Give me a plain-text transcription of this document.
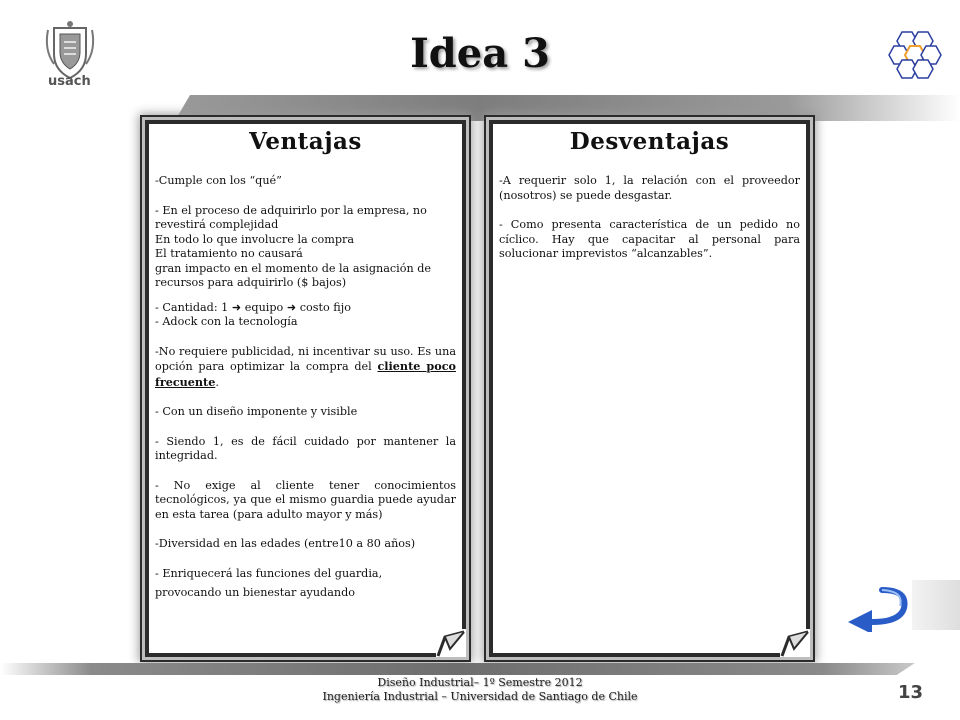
usach
Idea 3
Ventajas

-Cumple con los “qué”

- En el proceso de adquirirlo por la empresa, no

revestirá complejidad

En todo lo que involucre la compra

El tratamiento no causará

gran impacto en el momento de la asignación de

recursos para adquirirlo ($ bajos)

- Cantidad: 1 ➜ equipo ➜ costo fijo

- Adock con la tecnología

-No requiere publicidad, ni incentivar su uso. Es una opción para optimizar la compra del cliente poco frecuente.

- Con un diseño imponente y visible

- Siendo 1, es de fácil cuidado por mantener la integridad.

- No exige al cliente tener conocimientos tecnológicos, ya que el mismo guardia puede ayudar en esta tarea (para adulto mayor y más)

-Diversidad en las edades (entre10 a 80 años)

- Enriquecerá las funciones del guardia,

provocando un bienestar ayudando

Desventajas

-A requerir solo 1, la relación con el proveedor (nosotros) se puede desgastar.

- Como presenta característica de un pedido no cíclico. Hay que capacitar al personal para solucionar imprevistos “alcanzables”.

Diseño Industrial– 1º Semestre 2012
Ingeniería Industrial – Universidad de Santiago de Chile	13
